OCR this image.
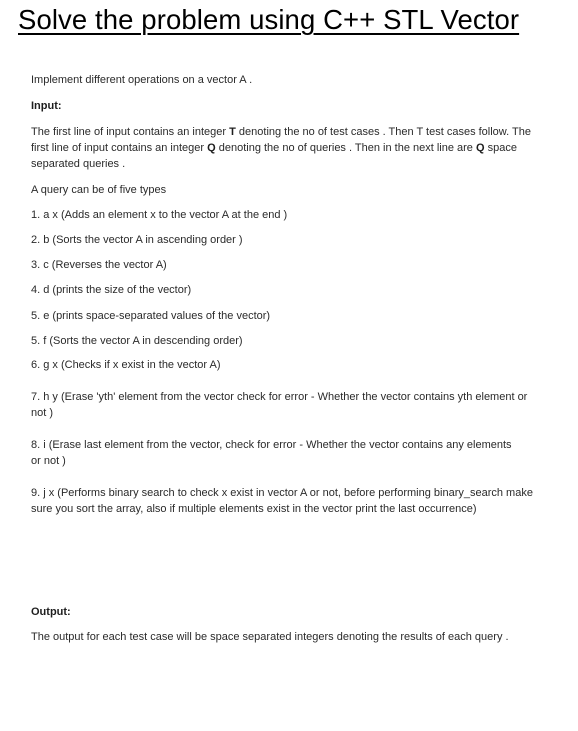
Solve the problem using C++ STL Vector

Implement different operations on a vector A .

Input:

The first line of input contains an integer T denoting the no of test cases . Then T test cases follow. The first line of input contains an integer Q denoting the no of queries . Then in the next line are Q space separated queries .

A query can be of five types

1. a x (Adds an element x to the vector A at the end )

2. b (Sorts the vector A in ascending order )

3. c (Reverses the vector A)

4. d (prints the size of the vector)

5. e (prints space-separated values of the vector)

5. f (Sorts the vector A in descending order)

6. g x (Checks if x exist in the vector A)

7. h y (Erase 'yth' element from the vector check for error - Whether the vector contains yth element or not )

8. i (Erase last element from the vector, check for error - Whether the vector contains any elements or not )

9. j x (Performs binary search to check x exist in vector A or not, before performing binary_search make sure you sort the array, also if multiple elements exist in the vector print the last occurrence)

Output:

The output for each test case will be space separated integers denoting the results of each query .
